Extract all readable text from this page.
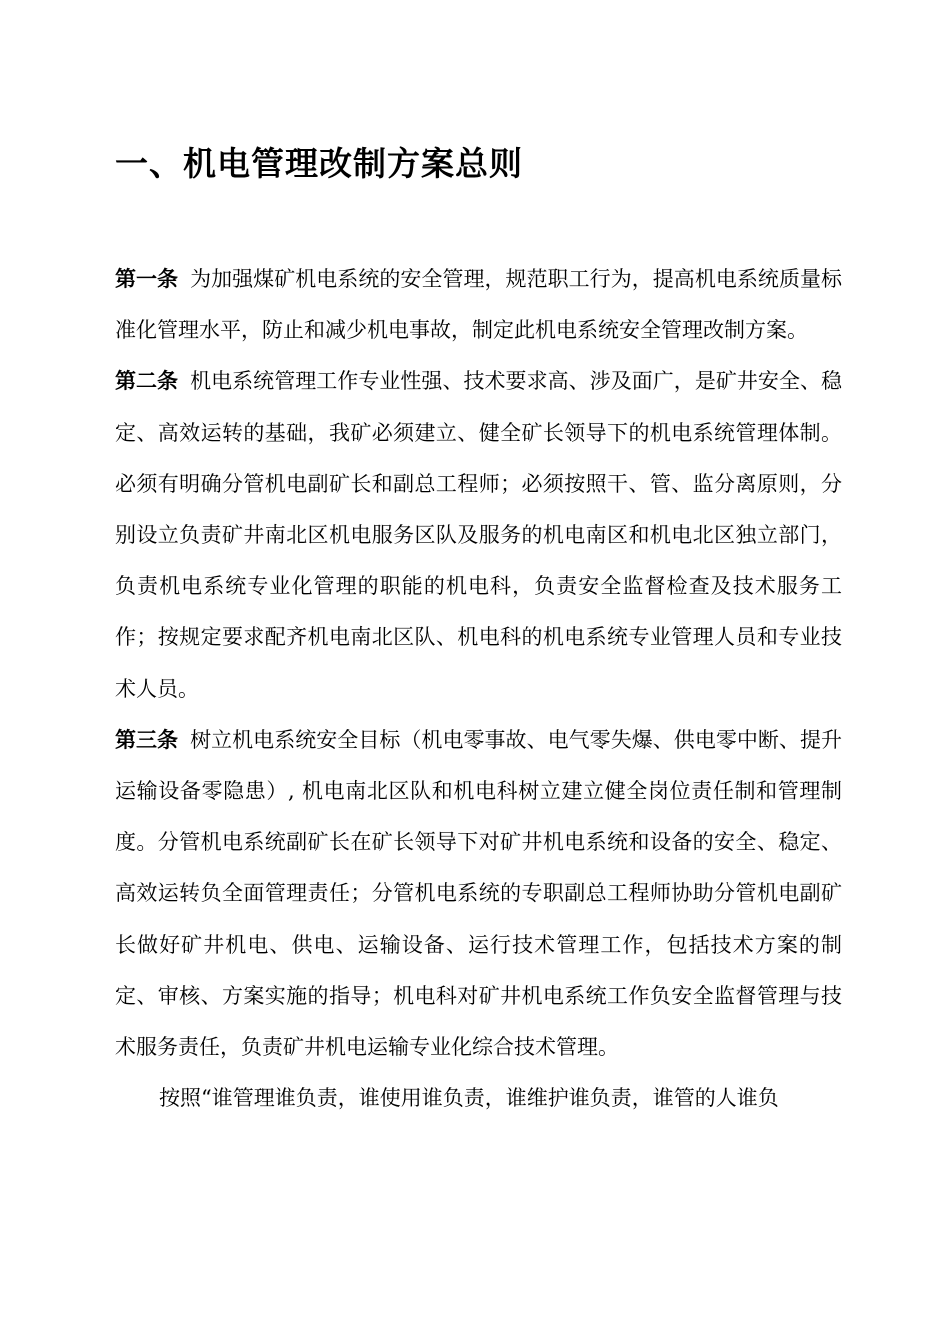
一、机电管理改制方案总则

第一条 为加强煤矿机电系统的安全管理，规范职工行为，提高机电系统质量标准化管理水平，防止和减少机电事故，制定此机电系统安全管理改制方案。

第二条 机电系统管理工作专业性强、技术要求高、涉及面广，是矿井安全、稳定、高效运转的基础，我矿必须建立、健全矿长领导下的机电系统管理体制。必须有明确分管机电副矿长和副总工程师；必须按照干、管、监分离原则，分别设立负责矿井南北区机电服务区队及服务的机电南区和机电北区独立部门，负责机电系统专业化管理的职能的机电科，负责安全监督检查及技术服务工作；按规定要求配齐机电南北区队、机电科的机电系统专业管理人员和专业技术人员。

第三条 树立机电系统安全目标（机电零事故、电气零失爆、供电零中断、提升运输设备零隐患）, 机电南北区队和机电科树立建立健全岗位责任制和管理制度。分管机电系统副矿长在矿长领导下对矿井机电系统和设备的安全、稳定、高效运转负全面管理责任；分管机电系统的专职副总工程师协助分管机电副矿长做好矿井机电、供电、运输设备、运行技术管理工作，包括技术方案的制定、审核、方案实施的指导；机电科对矿井机电系统工作负安全监督管理与技术服务责任，负责矿井机电运输专业化综合技术管理。

按照“谁管理谁负责，谁使用谁负责，谁维护谁负责，谁管的人谁负
